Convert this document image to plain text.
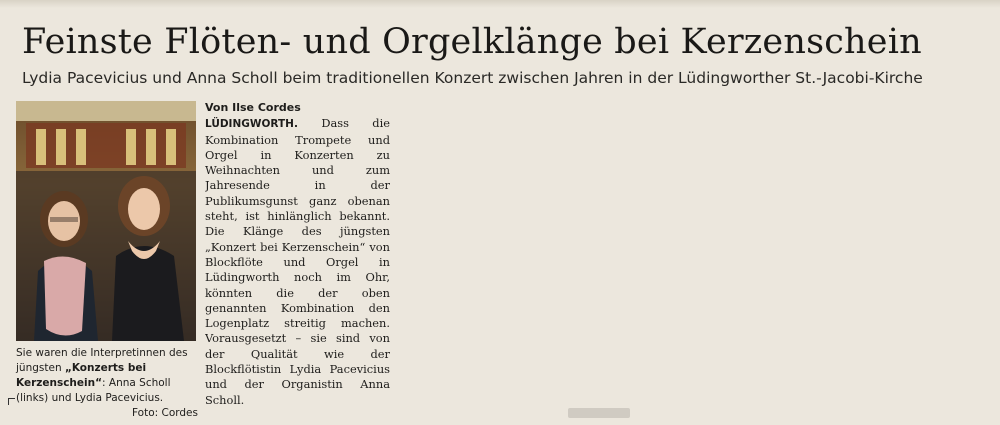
Feinste Flöten- und Orgelklänge bei Kerzenschein
Lydia Pacevicius und Anna Scholl beim traditionellen Konzert zwischen Jahren in der Lüdingworther St.-Jacobi-Kirche
Sie waren die Interpretinnen des jüngsten „Konzerts bei Kerzenschein“: Anna Scholl (links) und Lydia Pacevicius.
Foto: Cordes
Von Ilse Cordes

LÜDINGWORTH. Dass die Kombination Trompete und Orgel in Konzerten zu Weihnachten und zum Jahresende in der Publikumsgunst ganz obenan steht, ist hinlänglich bekannt. Die Klänge des jüngsten „Konzert bei Kerzenschein“ von Blockflöte und Orgel in Lüdingworth noch im Ohr, könnten die der oben genannten Kombination den Logenplatz streitig machen. Vorausgesetzt – sie sind von der Qualität wie der Blockflötistin Lydia Pacevicius und der Organistin Anna Scholl.
